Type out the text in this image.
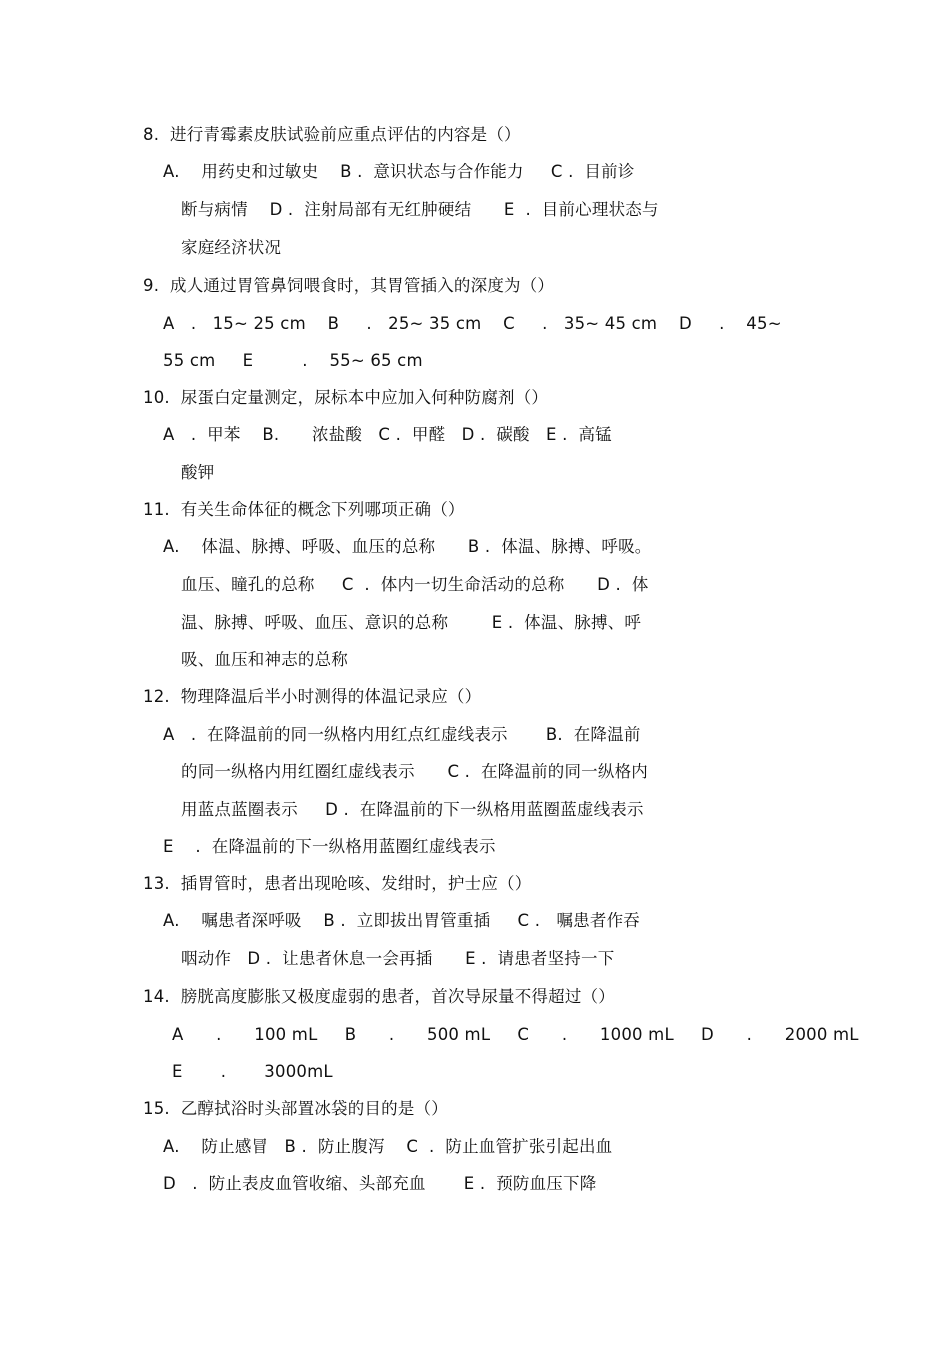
8.  进行青霉素皮肤试验前应重点评估的内容是（）
A.    用药史和过敏史    B .  意识状态与合作能力     C .  目前诊
断与病情    D .  注射局部有无红肿硬结      E  .  目前心理状态与
家庭经济状况
9.  成人通过胃管鼻饲喂食时，其胃管插入的深度为（）
A   .   15~ 25 cm    B     .   25~ 35 cm    C     .   35~ 45 cm    D     .    45~
55 cm     E         .    55~ 65 cm
10.  尿蛋白定量测定，尿标本中应加入何种防腐剂（）
A   .  甲苯    B.      浓盐酸   C .  甲醛   D .  碳酸   E .  高锰
酸钾
11.  有关生命体征的概念下列哪项正确（）
A.    体温、脉搏、呼吸、血压的总称      B .  体温、脉搏、呼吸。
血压、瞳孔的总称     C  .  体内一切生命活动的总称      D .  体
温、脉搏、呼吸、血压、意识的总称        E .  体温、脉搏、呼
吸、血压和神志的总称
12.  物理降温后半小时测得的体温记录应（）
A   .  在降温前的同一纵格内用红点红虚线表示       B.  在降温前
的同一纵格内用红圈红虚线表示      C .  在降温前的同一纵格内
用蓝点蓝圈表示     D .  在降温前的下一纵格用蓝圈蓝虚线表示
E    .  在降温前的下一纵格用蓝圈红虚线表示
13.  插胃管时，患者出现呛咳、发绀时，护士应（）
A.    嘱患者深呼吸    B .  立即拔出胃管重插     C .   嘱患者作吞
咽动作   D .  让患者休息一会再插      E .  请患者坚持一下
14.  膀胱高度膨胀又极度虚弱的患者，首次导尿量不得超过（）
A      .      100 mL     B      .      500 mL     C      .      1000 mL     D      .      2000 mL
E       .       3000mL
15.  乙醇拭浴时头部置冰袋的目的是（）
A.    防止感冒   B .  防止腹泻    C  .  防止血管扩张引起出血
D   .  防止表皮血管收缩、头部充血       E .  预防血压下降
